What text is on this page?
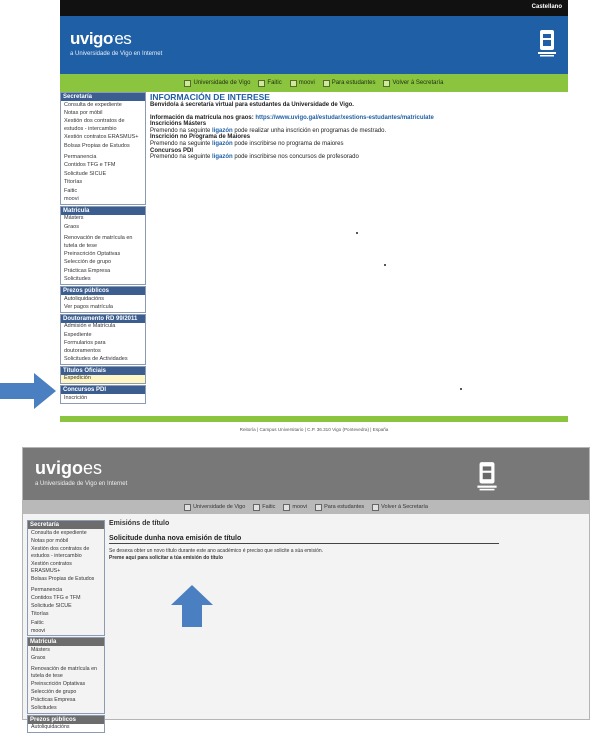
Castellano
uvigo·es
a Universidade de Vigo en Internet
Universidade de Vigo	Faitic	moovi	Para estudantes	Volver á Secretaría
Secretaría
Consulta de expediente
Notas por móbil
Xestión dos contratos de estudos - intercambio
Xestión contratos ERASMUS+
Bolsas Propias de Estudos
Permanencia
Contidos TFG e TFM
Solicitude SICUE
Titorías
Faitic
moovi
Matrícula
Másters
Graos
Renovación de matrícula en tutela de tese
Preinscrición Optativas
Selección de grupo
Prácticas Empresa
Solicitudes
Prezos públicos
Autoliquidacións
Ver pagos matrícula
Doutoramento RD 99/2011
Admisión e Matrícula
Expediente
Formularios para doutoramentos
Solicitudes de Actividades
Títulos Oficiais
Expedición
Concursos PDI
Inscrición
INFORMACIÓN DE INTERESE
Benvido/a á secretaría virtual para estudantes da Universidade de Vigo.
Información da matrícula nos graos: https://www.uvigo.gal/estudar/xestions-estudantes/matriculate
Inscricións Másters
Premendo na seguinte ligazón pode realizar unha inscrición en programas de mestrado.
Inscrición no Programa de Maiores
Premendo na seguinte ligazón pode inscribirse no programa de maiores
Concursos PDI
Premendo na seguinte ligazón pode inscribirse nos concursos de profesorado
Reitoría | Campus Universitario | C.P. 36.310 Vigo (Pontevedra) | España
uvigoes
a Universidade de Vigo en Internet
Universidade de Vigo	Faitic	moovi	Para estudantes	Volver á Secretaría
Secretaría
Consulta de expediente
Notas por móbil
Xestión dos contratos de estudos - intercambio
Xestión contratos ERASMUS+
Bolsas Propias de Estudos
Permanencia
Contidos TFG e TFM
Solicitude SICUE
Titorías
Faitic
moovi
Matrícula
Másters
Graos
Renovación de matrícula en tutela de tese
Preinscrición Optativas
Selección de grupo
Prácticas Empresa
Solicitudes
Prezos públicos
Autoliquidacións
Emisións de título
Solicitude dunha nova emisión de título
Se desexa obter un novo título durante este ano académico é preciso que solicite a súa emisión.
Preme aquí para solicitar a túa emisión do título
